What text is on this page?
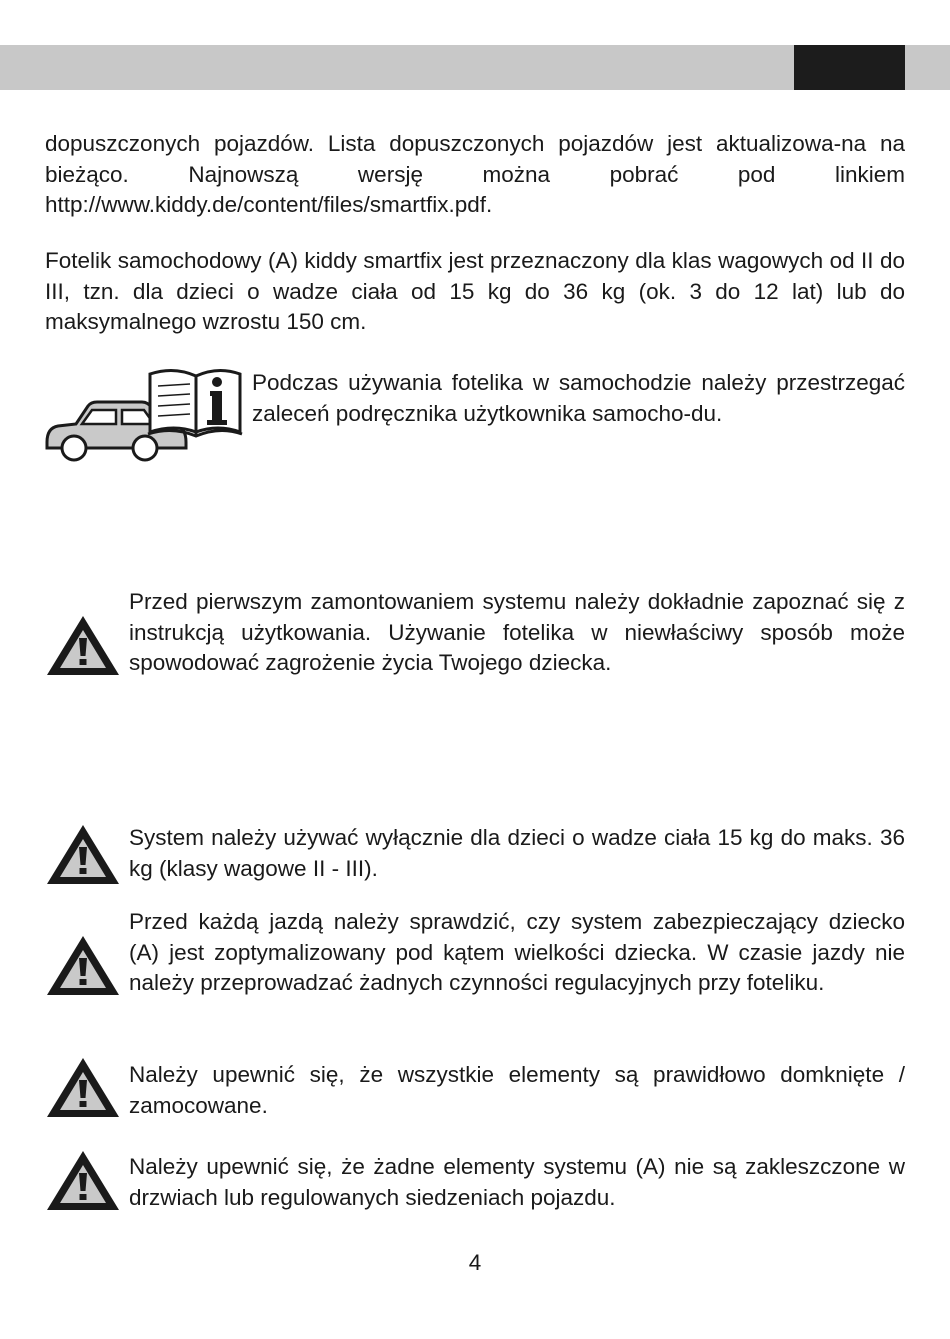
dopuszczonych pojazdów. Lista dopuszczonych pojazdów jest aktualizowa-na na bieżąco. Najnowszą wersję można pobrać pod linkiem http://www.kiddy.de/content/files/smartfix.pdf.

Fotelik samochodowy (A) kiddy smartfix jest przeznaczony dla klas wagowych od II do III, tzn. dla dzieci o wadze ciała od 15 kg do 36 kg (ok. 3 do 12 lat) lub do maksymalnego wzrostu 150 cm.

Podczas używania fotelika w samochodzie należy przestrzegać zaleceń podręcznika użytkownika samocho-du.

Przed pierwszym zamontowaniem systemu należy dokładnie zapoznać się z instrukcją użytkowania. Używanie fotelika w niewłaściwy sposób może spowodować zagrożenie życia Twojego dziecka.

System należy używać wyłącznie dla dzieci o wadze ciała 15 kg do maks. 36 kg (klasy wagowe II - III).

Przed każdą jazdą należy sprawdzić, czy system zabezpieczający dziecko (A) jest zoptymalizowany pod kątem wielkości dziecka. W czasie jazdy nie należy przeprowadzać żadnych czynności regulacyjnych przy foteliku.

Należy upewnić się, że wszystkie elementy są prawidłowo domknięte / zamocowane.

Należy upewnić się, że żadne elementy systemu (A) nie są zakleszczone w drzwiach lub regulowanych siedzeniach pojazdu.

4
